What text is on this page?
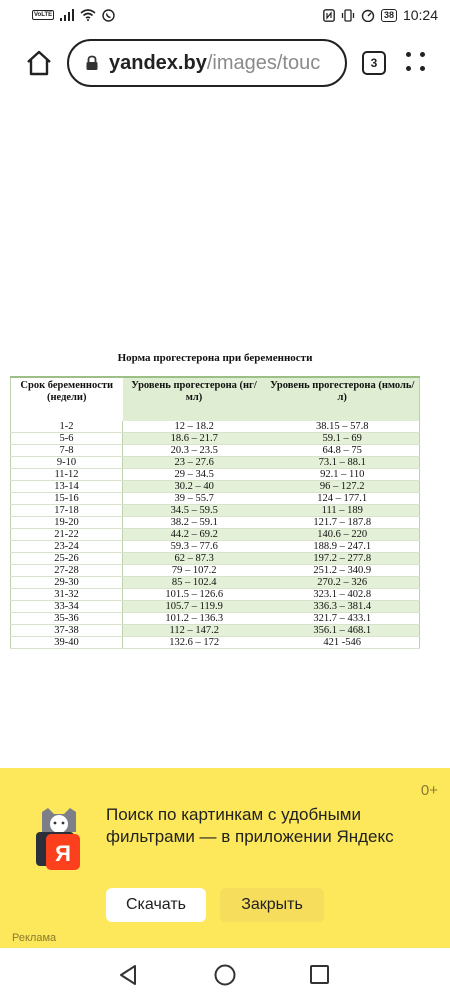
VoLTE	38 10:24
yandex.by /images/touc	3
Норма прогестерона при беременности
Срок беременности (недели)	Уровень прогестерона (нг/мл)	Уровень прогестерона (нмоль/л)
1-2	12 – 18.2	38.15 – 57.8
5-6	18.6 – 21.7	59.1 – 69
7-8	20.3 – 23.5	64.8 – 75
9-10	23 – 27.6	73.1 – 88.1
11-12	29 – 34.5	92.1 – 110
13-14	30.2 – 40	96 – 127.2
15-16	39 – 55.7	124 – 177.1
17-18	34.5 – 59.5	111 – 189
19-20	38.2 – 59.1	121.7 – 187.8
21-22	44.2 – 69.2	140.6 – 220
23-24	59.3 – 77.6	188.9 – 247.1
25-26	62 – 87.3	197.2 – 277.8
27-28	79 – 107.2	251.2 – 340.9
29-30	85 – 102.4	270.2 – 326
31-32	101.5 – 126.6	323.1 – 402.8
33-34	105.7 – 119.9	336.3 – 381.4
35-36	101.2 – 136.3	321.7 – 433.1
37-38	112 – 147.2	356.1 – 468.1
39-40	132.6 – 172	421 -546
0+
Я
Поиск по картинкам с удобными фильтрами — в приложении Яндекс
Скачать	Закрыть
Реклама
